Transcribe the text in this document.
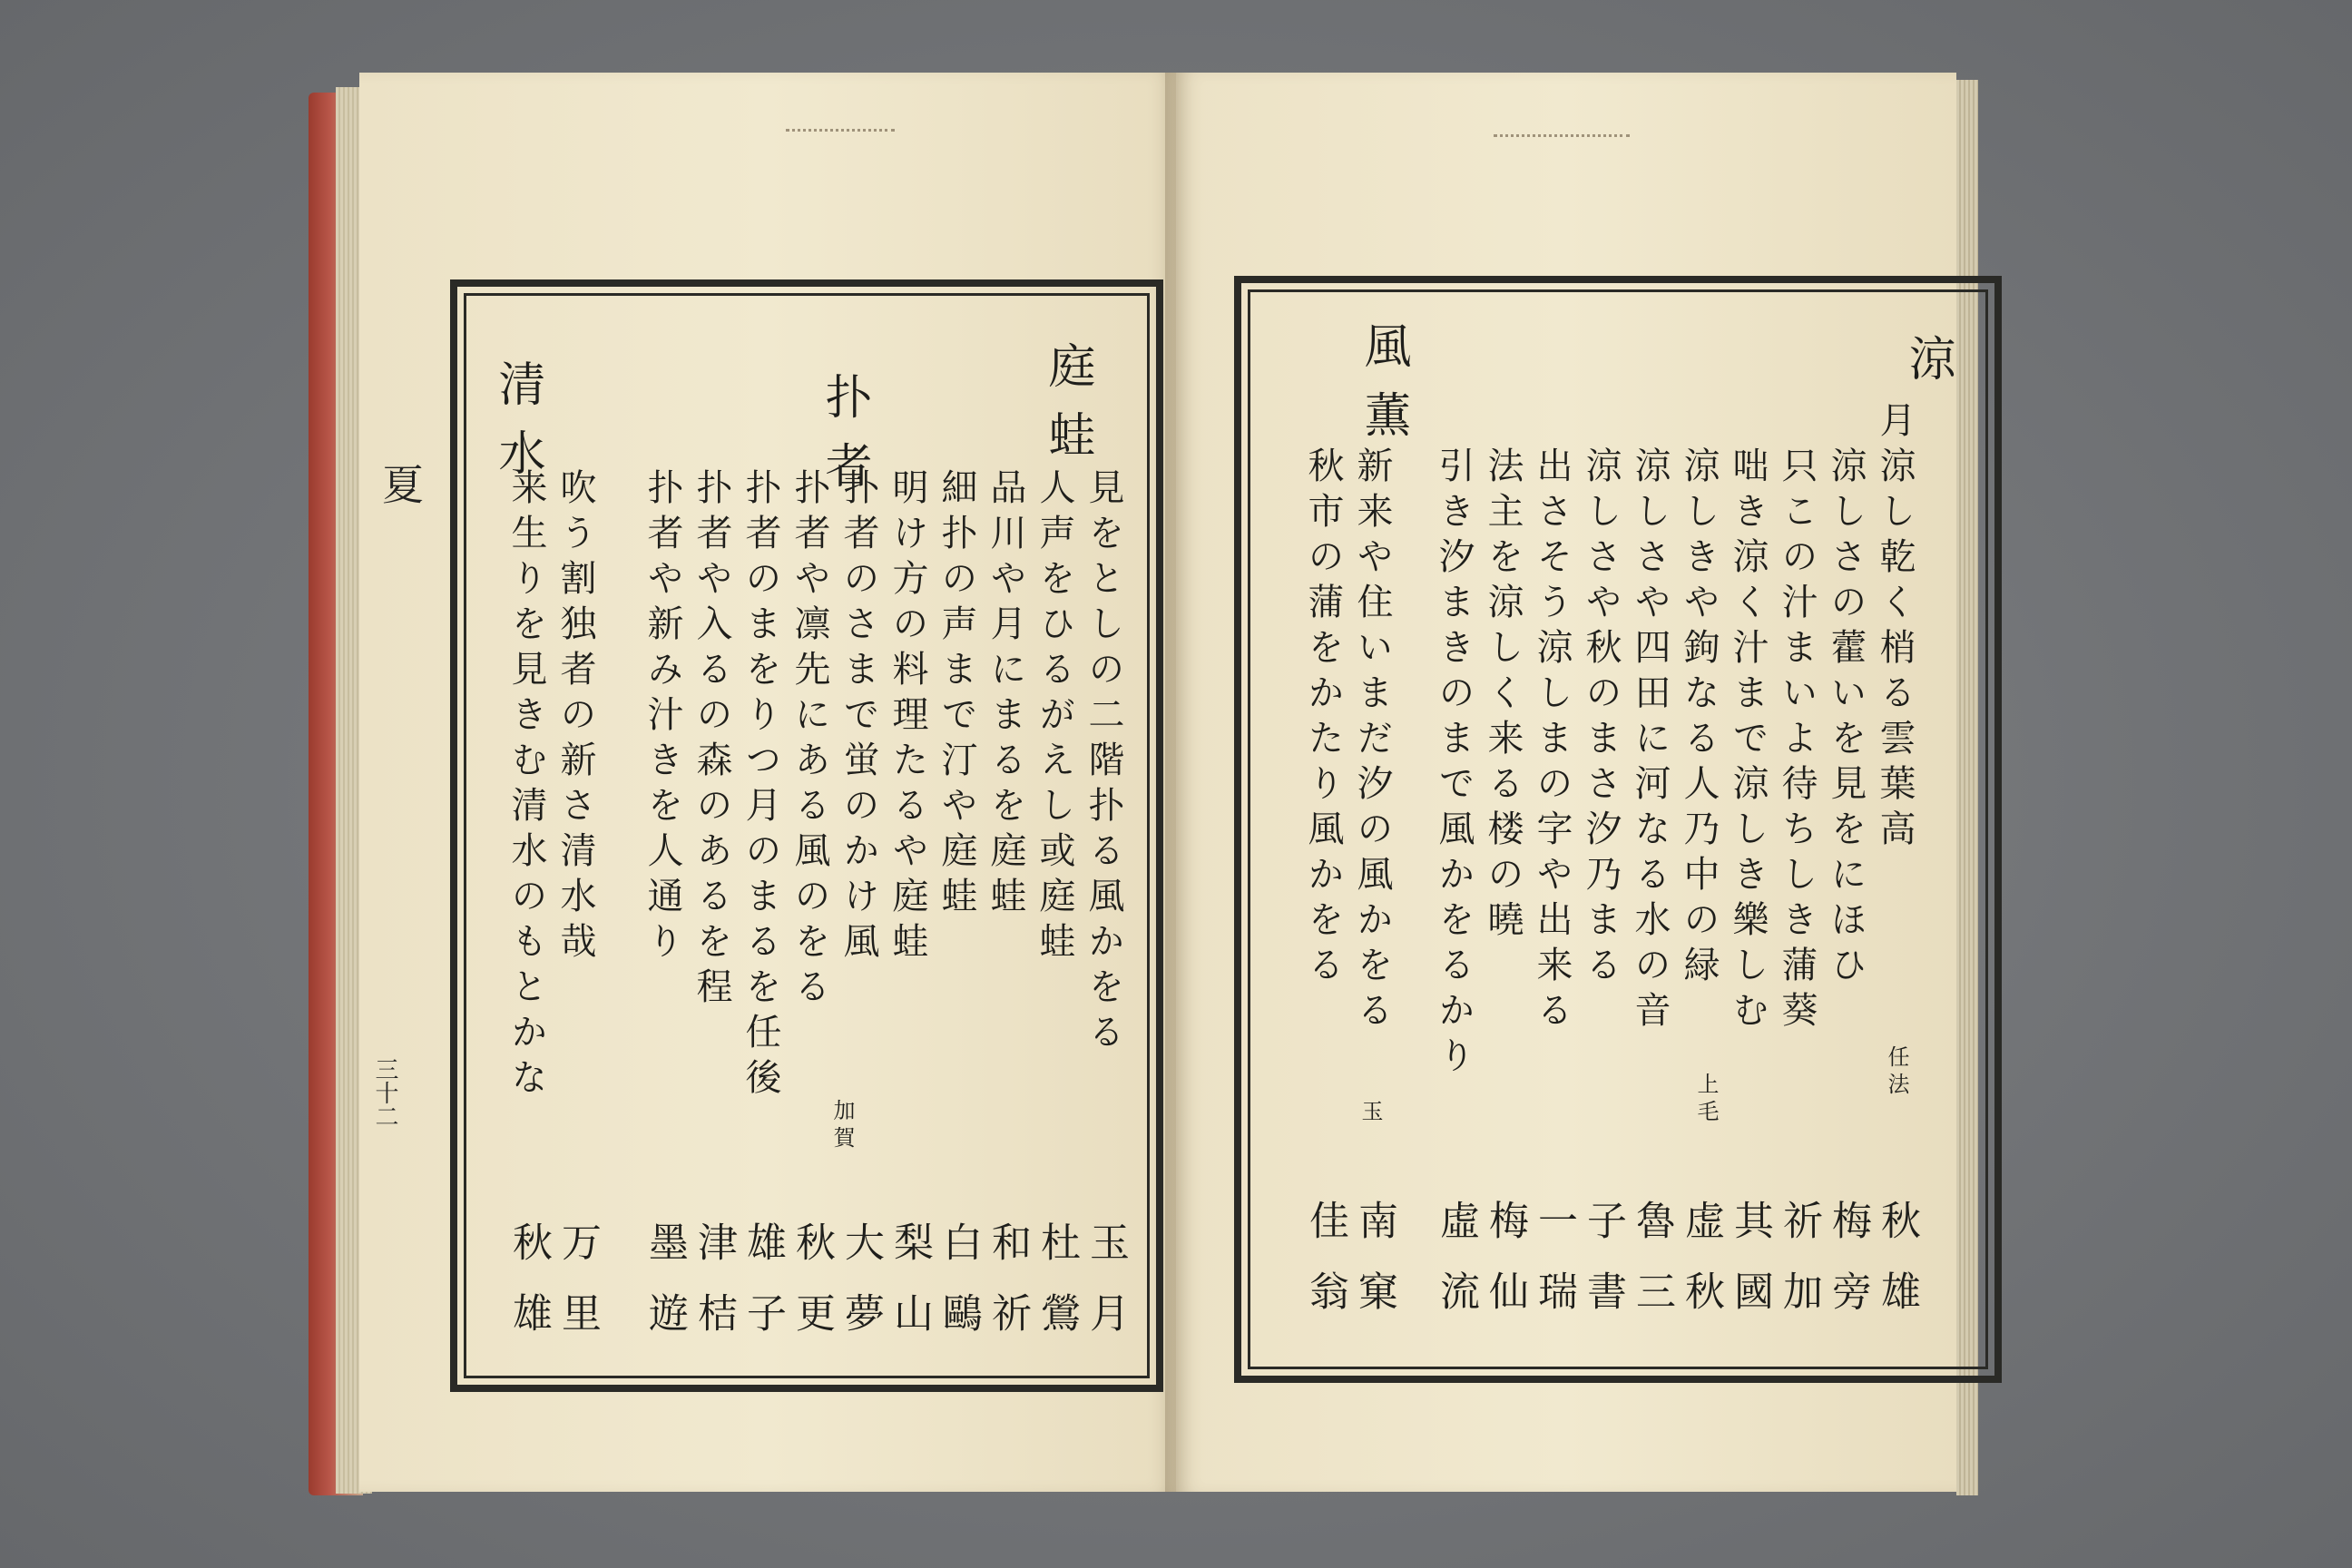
夏
三十二
庭蛙
扑者
清水
加賀
見をとしの二階扑る風かをる
人声をひるがえし或庭蛙
品川や月にまるを庭蛙
細扑の声まで汀や庭蛙
明け方の料理たるや庭蛙
扑者のさまで蛍のかけ風
扑者や凛先にある風のをる
扑者のまをりつ月のまるを任後
扑者や入るの森のあるを程
扑者や新み汁きを人通り
吹う割独者の新さ清水哉
来生りを見きむ清水のもとかな
玉月
杜鶯
和祈
白鷗
梨山
大夢
秋更
雄子
津桔
墨遊
万里
秋雄
涼
風薫
月涼し乾く梢る雲葉高
涼しさの藿いを見をにほひ
只この汁まいよ待ちしき蒲葵
咄き涼く汁まで涼しき樂しむ
涼しきや鉤なる人乃中の緑
涼しさや四田に河なる水の音
涼しさや秋のまさ汐乃まる
出さそう涼しまの字や出来る
法主を涼しく来る楼の曉
引き汐まきのまで風かをるかり
新来や住いまだ汐の風かをる
秋市の蒲をかたり風かをる
任法
上毛
玉
秋雄
梅旁
祈加
其國
虚秋
魯三
子書
一瑞
梅仙
虛流
南窠
佳翁
